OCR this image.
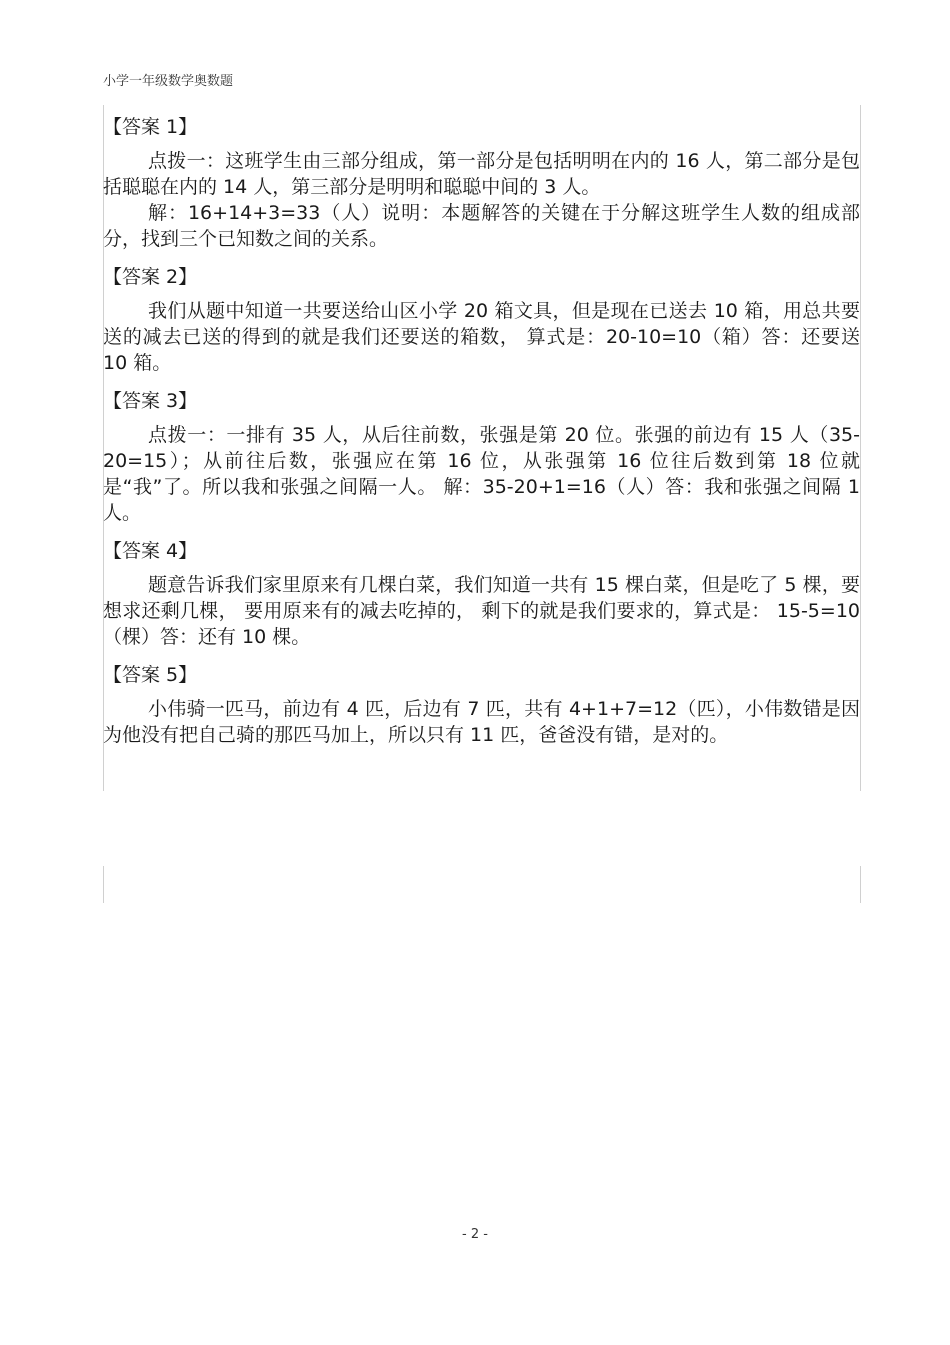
小学一年级数学奥数题
【答案 1】

点拨一：这班学生由三部分组成，第一部分是包括明明在内的 16 人，第二部分是包括聪聪在内的 14 人，第三部分是明明和聪聪中间的 3 人。

解：16+14+3=33（人）说明：本题解答的关键在于分解这班学生人数的组成部分，找到三个已知数之间的关系。

【答案 2】

我们从题中知道一共要送给山区小学 20 箱文具，但是现在已送去 10 箱，用总共要送的减去已送的得到的就是我们还要送的箱数， 算式是：20-10=10（箱）答：还要送 10 箱。

【答案 3】

点拨一：一排有 35 人，从后往前数，张强是第 20 位。张强的前边有 15 人（35-20=15）；从前往后数，张强应在第 16 位，从张强第 16 位往后数到第 18 位就是“我”了。所以我和张强之间隔一人。 解：35-20+1=16（人）答：我和张强之间隔 1 人。

【答案 4】

题意告诉我们家里原来有几棵白菜，我们知道一共有 15 棵白菜，但是吃了 5 棵，要想求还剩几棵， 要用原来有的减去吃掉的， 剩下的就是我们要求的，算式是： 15-5=10（棵）答：还有 10 棵。

【答案 5】

小伟骑一匹马，前边有 4 匹，后边有 7 匹，共有 4+1+7=12（匹），小伟数错是因为他没有把自己骑的那匹马加上，所以只有 11 匹，爸爸没有错，是对的。

- 2 -
